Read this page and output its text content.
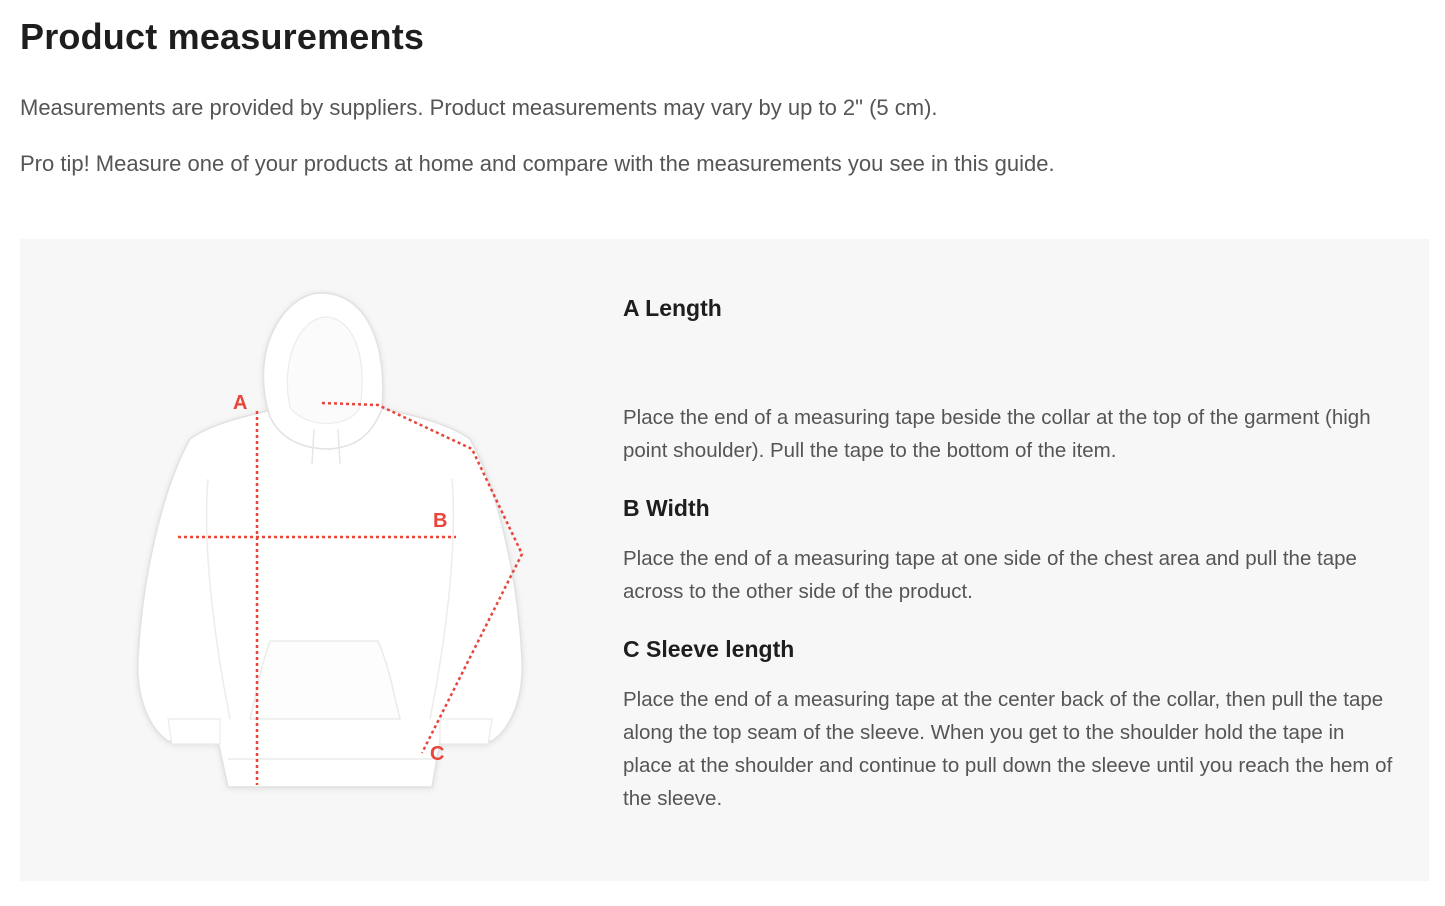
Product measurements

Measurements are provided by suppliers. Product measurements may vary by up to 2" (5 cm).

Pro tip! Measure one of your products at home and compare with the measurements you see in this guide.

A
B
C
A Length

Place the end of a measuring tape beside the collar at the top of the garment (high point shoulder). Pull the tape to the bottom of the item.

B Width

Place the end of a measuring tape at one side of the chest area and pull the tape across to the other side of the product.

C Sleeve length

Place the end of a measuring tape at the center back of the collar, then pull the tape along the top seam of the sleeve. When you get to the shoulder hold the tape in place at the shoulder and continue to pull down the sleeve until you reach the hem of the sleeve.
